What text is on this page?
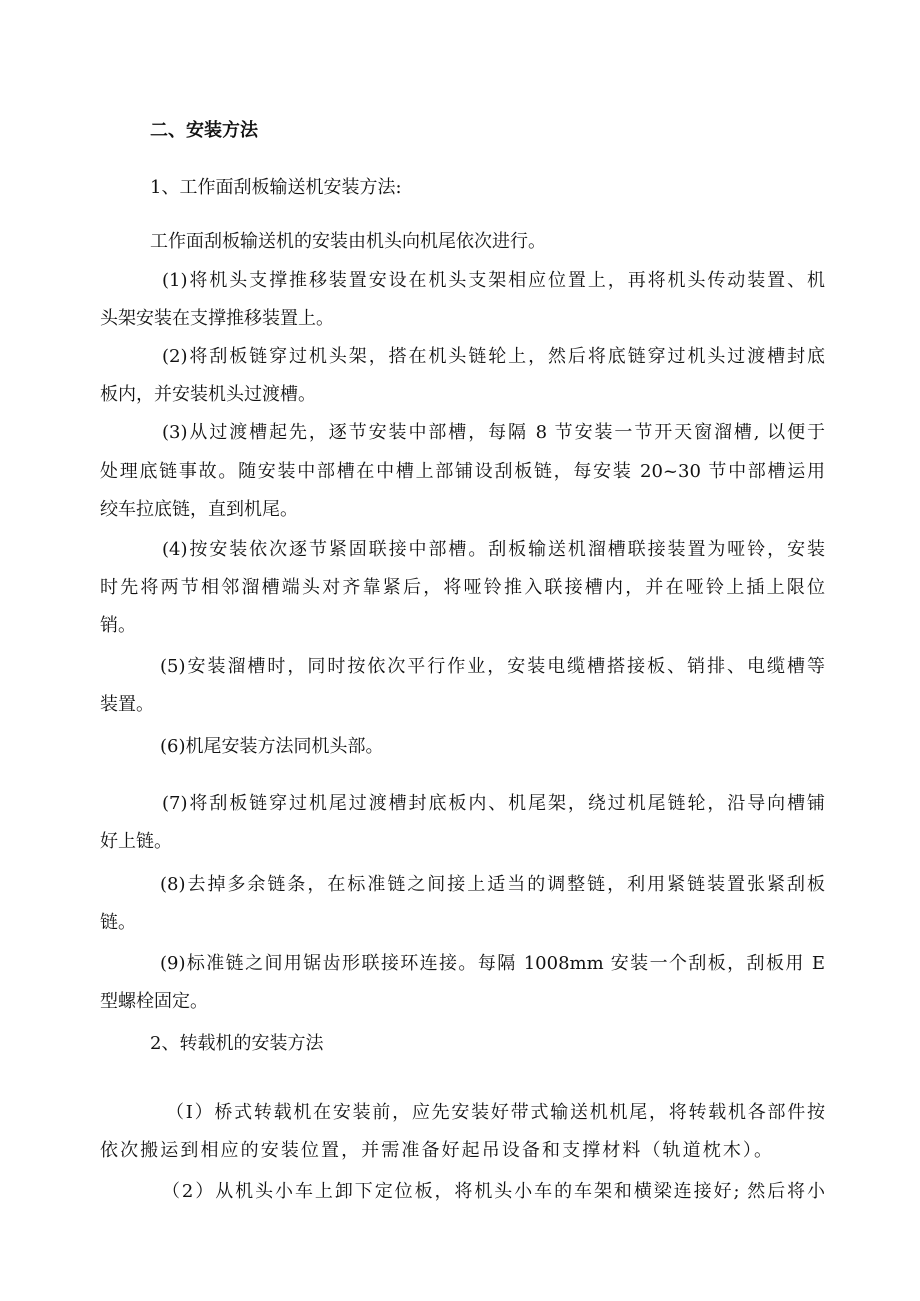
二、安装方法
1、工作面刮板输送机安装方法:
工作面刮板输送机的安装由机头向机尾依次进行。
(1)将机头支撑推移装置安设在机头支架相应位置上，再将机头传动装置、机
头架安装在支撑推移装置上。
(2)将刮板链穿过机头架，搭在机头链轮上，然后将底链穿过机头过渡槽封底
板内，并安装机头过渡槽。
(3)从过渡槽起先，逐节安装中部槽，每隔 8 节安装一节开天窗溜槽, 以便于
处理底链事故。随安装中部槽在中槽上部铺设刮板链，每安装 20~30 节中部槽运用
绞车拉底链，直到机尾。
(4)按安装依次逐节紧固联接中部槽。刮板输送机溜槽联接装置为哑铃，安装
时先将两节相邻溜槽端头对齐靠紧后，将哑铃推入联接槽内，并在哑铃上插上限位
销。
(5)安装溜槽时，同时按依次平行作业，安装电缆槽搭接板、销排、电缆槽等
装置。
(6)机尾安装方法同机头部。
(7)将刮板链穿过机尾过渡槽封底板内、机尾架，绕过机尾链轮，沿导向槽铺
好上链。
(8)去掉多余链条，在标准链之间接上适当的调整链，利用紧链装置张紧刮板
链。
(9)标准链之间用锯齿形联接环连接。每隔 1008mm 安装一个刮板，刮板用 E
型螺栓固定。
2、转载机的安装方法
（I）桥式转载机在安装前，应先安装好带式输送机机尾，将转载机各部件按
依次搬运到相应的安装位置，并需准备好起吊设备和支撑材料（轨道枕木）。
（2）从机头小车上卸下定位板，将机头小车的车架和横梁连接好; 然后将小
